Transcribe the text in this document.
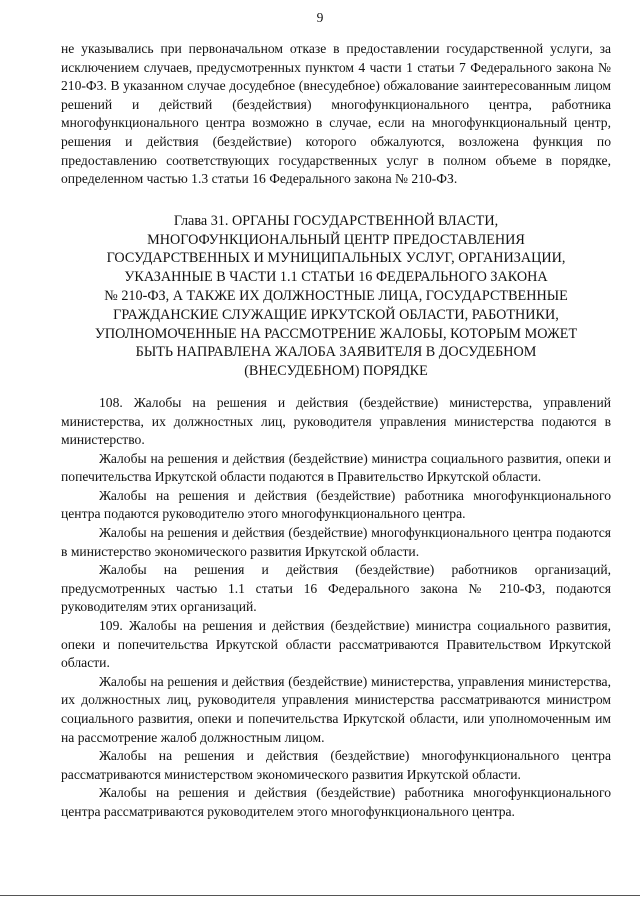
9

не указывались при первоначальном отказе в предоставлении государственной услуги, за исключением случаев, предусмотренных пунктом 4 части 1 статьи 7 Федерального закона № 210-ФЗ. В указанном случае досудебное (внесудебное) обжалование заинтересованным лицом решений и действий (бездействия) многофункционального центра, работника многофункционального центра возможно в случае, если на многофункциональный центр, решения и действия (бездействие) которого обжалуются, возложена функция по предоставлению соответствующих государственных услуг в полном объеме в порядке, определенном частью 1.3 статьи 16 Федерального закона № 210-ФЗ.

Глава 31. ОРГАНЫ ГОСУДАРСТВЕННОЙ ВЛАСТИ,
МНОГОФУНКЦИОНАЛЬНЫЙ ЦЕНТР ПРЕДОСТАВЛЕНИЯ
ГОСУДАРСТВЕННЫХ И МУНИЦИПАЛЬНЫХ УСЛУГ, ОРГАНИЗАЦИИ,
УКАЗАННЫЕ В ЧАСТИ 1.1 СТАТЬИ 16 ФЕДЕРАЛЬНОГО ЗАКОНА
№ 210-ФЗ, А ТАКЖЕ ИХ ДОЛЖНОСТНЫЕ ЛИЦА, ГОСУДАРСТВЕННЫЕ
ГРАЖДАНСКИЕ СЛУЖАЩИЕ ИРКУТСКОЙ ОБЛАСТИ, РАБОТНИКИ,
УПОЛНОМОЧЕННЫЕ НА РАССМОТРЕНИЕ ЖАЛОБЫ, КОТОРЫМ МОЖЕТ
БЫТЬ НАПРАВЛЕНА ЖАЛОБА ЗАЯВИТЕЛЯ В ДОСУДЕБНОМ
(ВНЕСУДЕБНОМ) ПОРЯДКЕ

108. Жалобы на решения и действия (бездействие) министерства, управлений министерства, их должностных лиц, руководителя управления министерства подаются в министерство.

Жалобы на решения и действия (бездействие) министра социального развития, опеки и попечительства Иркутской области подаются в Правительство Иркутской области.

Жалобы на решения и действия (бездействие) работника многофункционального центра подаются руководителю этого многофункционального центра.

Жалобы на решения и действия (бездействие) многофункционального центра подаются в министерство экономического развития Иркутской области.

Жалобы на решения и действия (бездействие) работников организаций, предусмотренных частью 1.1 статьи 16 Федерального закона № 210-ФЗ, подаются руководителям этих организаций.

109. Жалобы на решения и действия (бездействие) министра социального развития, опеки и попечительства Иркутской области рассматриваются Правительством Иркутской области.

Жалобы на решения и действия (бездействие) министерства, управления министерства, их должностных лиц, руководителя управления министерства рассматриваются министром социального развития, опеки и попечительства Иркутской области, или уполномоченным им на рассмотрение жалоб должностным лицом.

Жалобы на решения и действия (бездействие) многофункционального центра рассматриваются министерством экономического развития Иркутской области.

Жалобы на решения и действия (бездействие) работника многофункционального центра рассматриваются руководителем этого многофункционального центра.
